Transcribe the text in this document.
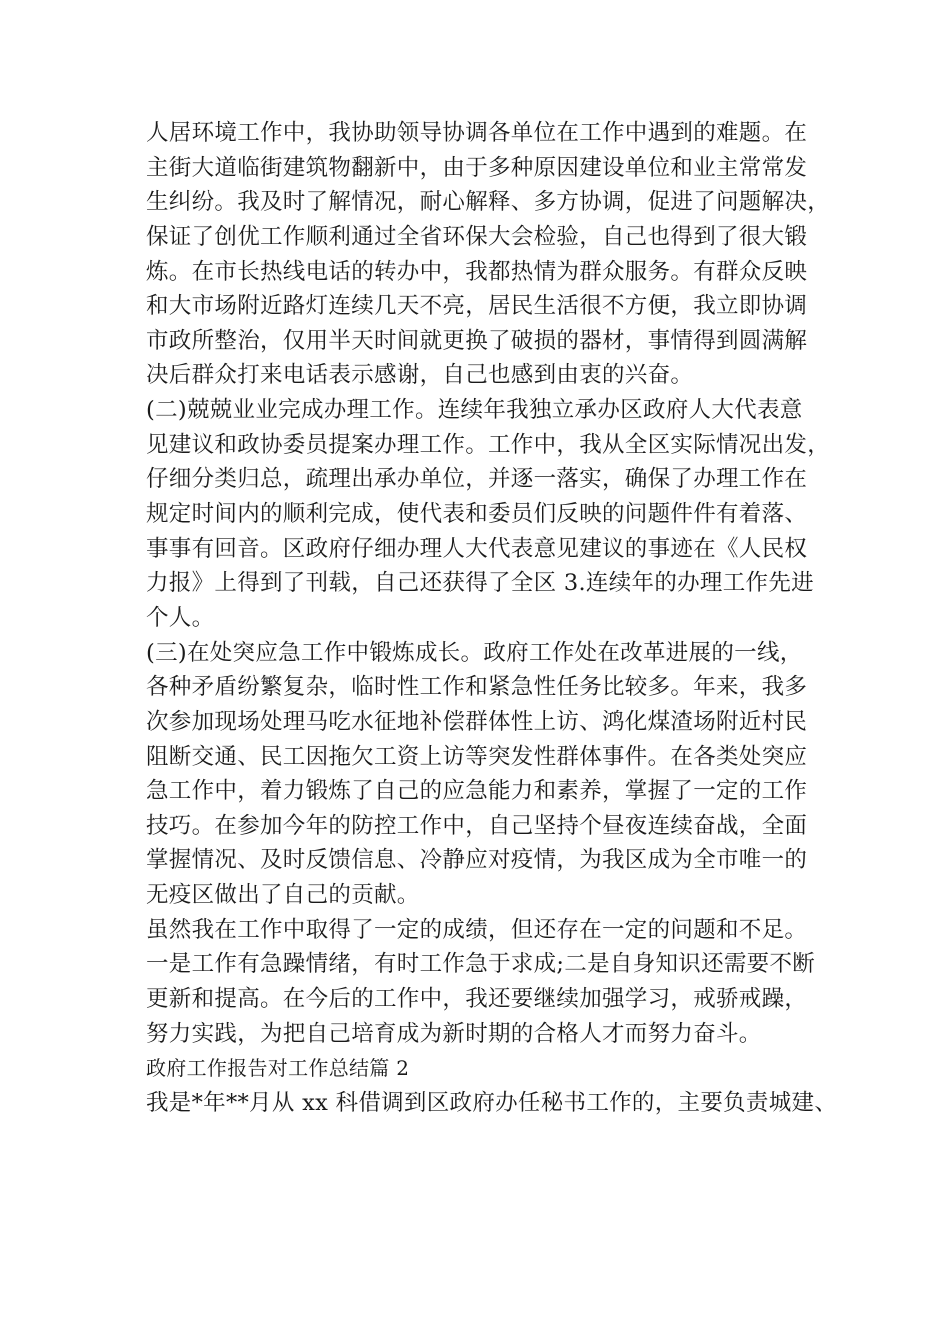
人居环境工作中，我协助领导协调各单位在工作中遇到的难题。在
主街大道临街建筑物翻新中，由于多种原因建设单位和业主常常发
生纠纷。我及时了解情况，耐心解释、多方协调，促进了问题解决，
保证了创优工作顺利通过全省环保大会检验，自己也得到了很大锻
炼。在市长热线电话的转办中，我都热情为群众服务。有群众反映
和大市场附近路灯连续几天不亮，居民生活很不方便，我立即协调
市政所整治，仅用半天时间就更换了破损的器材，事情得到圆满解
决后群众打来电话表示感谢，自己也感到由衷的兴奋。
(二)兢兢业业完成办理工作。连续年我独立承办区政府人大代表意
见建议和政协委员提案办理工作。工作中，我从全区实际情况出发，
仔细分类归总，疏理出承办单位，并逐一落实，确保了办理工作在
规定时间内的顺利完成，使代表和委员们反映的问题件件有着落、
事事有回音。区政府仔细办理人大代表意见建议的事迹在《人民权
力报》上得到了刊载，自己还获得了全区 3.连续年的办理工作先进
个人。
(三)在处突应急工作中锻炼成长。政府工作处在改革进展的一线，
各种矛盾纷繁复杂，临时性工作和紧急性任务比较多。年来，我多
次参加现场处理马吃水征地补偿群体性上访、鸿化煤渣场附近村民
阻断交通、民工因拖欠工资上访等突发性群体事件。在各类处突应
急工作中，着力锻炼了自己的应急能力和素养，掌握了一定的工作
技巧。在参加今年的防控工作中，自己坚持个昼夜连续奋战，全面
掌握情况、及时反馈信息、冷静应对疫情，为我区成为全市唯一的
无疫区做出了自己的贡献。
虽然我在工作中取得了一定的成绩，但还存在一定的问题和不足。
一是工作有急躁情绪，有时工作急于求成;二是自身知识还需要不断
更新和提高。在今后的工作中，我还要继续加强学习，戒骄戒躁，
努力实践，为把自己培育成为新时期的合格人才而努力奋斗。
政府工作报告对工作总结篇 2
我是*年**月从 xx 科借调到区政府办任秘书工作的，主要负责城建、
